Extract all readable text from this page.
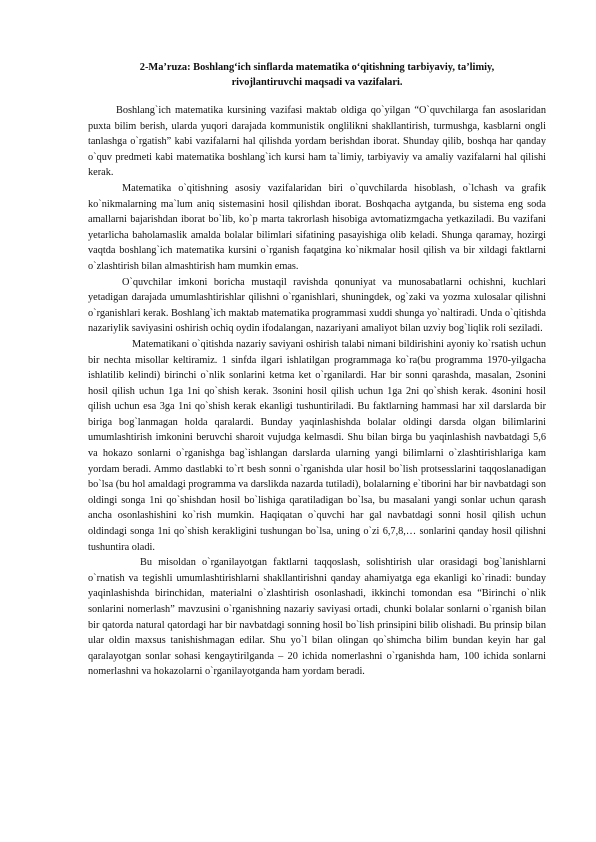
2-Ma’ruza: Boshlang‘ich sinflarda matematika o‘qitishning tarbiyaviy, ta’limiy, rivojlantiruvchi maqsadi va vazifalari.

Boshlang`ich matematika kursining vazifasi maktab oldiga qo`yilgan “O`quvchilarga fan asoslaridan puxta bilim berish, ularda yuqori darajada kommunistik onglilikni shakllantirish, turmushga, kasblarni ongli tanlashga o`rgatish” kabi vazifalarni hal qilishda yordam berishdan iborat. Shunday qilib, boshqa har qanday o`quv predmeti kabi matematika boshlang`ich kursi ham ta`limiy, tarbiyaviy va amaliy vazifalarni hal qilishi kerak.

Matematika o`qitishning asosiy vazifalaridan biri o`quvchilarda hisoblash, o`lchash va grafik ko`nikmalarning ma`lum aniq sistemasini hosil qilishdan iborat. Boshqacha aytganda, bu sistema eng soda amallarni bajarishdan iborat bo`lib, ko`p marta takrorlash hisobiga avtomatizmgacha yetkaziladi. Bu vazifani yetarlicha baholamaslik amalda bolalar bilimlari sifatining pasayishiga olib keladi. Shunga qaramay, hozirgi vaqtda boshlang`ich matematika kursini o`rganish faqatgina ko`nikmalar hosil qilish va bir xildagi faktlarni o`zlashtirish bilan almashtirish ham mumkin emas.

O`quvchilar imkoni boricha mustaqil ravishda qonuniyat va munosabatlarni ochishni, kuchlari yetadigan darajada umumlashtirishlar qilishni o`rganishlari, shuningdek, og`zaki va yozma xulosalar qilishni o`rganishlari kerak. Boshlang`ich maktab matematika programmasi xuddi shunga yo`naltiradi. Unda o`qitishda nazariylik saviyasini oshirish ochiq oydin ifodalangan, nazariyani amaliyot bilan uzviy bog`liqlik roli seziladi.

Matematikani o`qitishda nazariy saviyani oshirish talabi nimani bildirishini ayoniy ko`rsatish uchun bir nechta misollar keltiramiz. 1 sinfda ilgari ishlatilgan programmaga ko`ra(bu programma 1970-yilgacha ishlatilib kelindi) birinchi o`nlik sonlarini ketma ket o`rganilardi. Har bir sonni qarashda, masalan, 2sonini hosil qilish uchun 1ga 1ni qo`shish kerak. 3sonini hosil qilish uchun 1ga 2ni qo`shish kerak. 4sonini hosil qilish uchun esa 3ga 1ni qo`shish kerak ekanligi tushuntiriladi. Bu faktlarning hammasi har xil darslarda bir biriga bog`lanmagan holda qaralardi. Bunday yaqinlashishda bolalar oldingi darsda olgan bilimlarini umumlashtirish imkonini beruvchi sharoit vujudga kelmasdi. Shu bilan birga bu yaqinlashish navbatdagi 5,6 va hokazo sonlarni o`rganishga bag`ishlangan darslarda ularning yangi bilimlarni o`zlashtirishlariga kam yordam beradi. Ammo dastlabki to`rt besh sonni o`rganishda ular hosil bo`lish protsesslarini taqqoslanadigan bo`lsa (bu hol amaldagi programma va darslikda nazarda tutiladi), bolalarning e`tiborini har bir navbatdagi son oldingi songa 1ni qo`shishdan hosil bo`lishiga qaratiladigan bo`lsa, bu masalani yangi sonlar uchun qarash ancha osonlashishini ko`rish mumkin. Haqiqatan o`quvchi har gal navbatdagi sonni hosil qilish uchun oldindagi songa 1ni qo`shish kerakligini tushungan bo`lsa, uning o`zi 6,7,8,… sonlarini qanday hosil qilishni tushuntira oladi.

Bu misoldan o`rganilayotgan faktlarni taqqoslash, solishtirish ular orasidagi bog`lanishlarni o`rnatish va tegishli umumlashtirishlarni shakllantirishni qanday ahamiyatga ega ekanligi ko`rinadi: bunday yaqinlashishda birinchidan, materialni o`zlashtirish osonlashadi, ikkinchi tomondan esa “Birinchi o`nlik sonlarini nomerlash” mavzusini o`rganishning nazariy saviyasi ortadi, chunki bolalar sonlarni o`rganish bilan bir qatorda natural qatordagi har bir navbatdagi sonning hosil bo`lish prinsipini bilib olishadi. Bu prinsip bilan ular oldin maxsus tanishishmagan edilar. Shu yo`l bilan olingan qo`shimcha bilim bundan keyin har gal qaralayotgan sonlar sohasi kengaytirilganda – 20 ichida nomerlashni o`rganishda ham, 100 ichida sonlarni nomerlashni va hokazolarni o`rganilayotganda ham yordam beradi.
